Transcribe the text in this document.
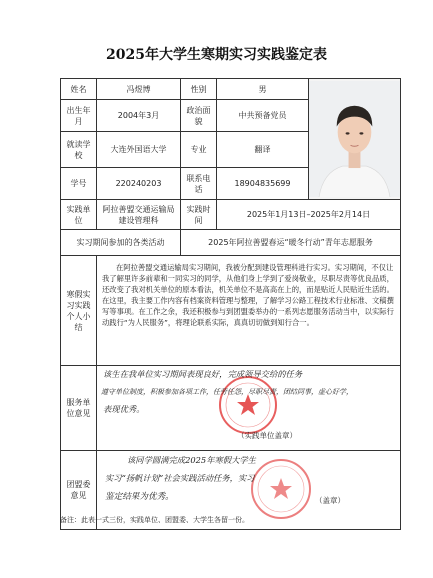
2025年大学生寒期实习实践鉴定表
姓名	冯煜博	性别	男	

出生年月	2004年3月	政治面貌	中共预备党员	
就读学校	大连外国语大学	专业	翻译	
学号	220240203	联系电话	18904835699	
实践单位	阿拉善盟交通运输局建设管理科	实践时间	2025年1月13日–2025年2月14日	
实习期间参加的各类活动		2025年阿拉善盟春运“暖冬行动”青年志愿服务		
寒假实习实践个人小结	在阿拉善盟交通运输局实习期间，我被分配到建设管理科进行实习。实习期间，不仅让我了解里许多前辈和一同实习的同学，从他们身上学到了爱岗敬业，尽职尽责等优良品质，还改变了我对机关单位的原本看法，机关单位不是高高在上的，而是贴近人民贴近生活的。在这里，我主要工作内容有档案资料管理与整理，了解学习公路工程技术行业标准、文稿撰写等事项。在工作之余，我还积极参与到团盟委举办的一系列志愿服务活动当中，以实际行动践行“为人民服务”，将理论联系实际，真真切切做到知行合一。			
服务单位意见	该生在我单位实习期间表现良好，完成领导交给的任务
遵守单位制度，积极参加各项工作，任劳任怨，尽职尽责，团结同事，虚心好学，
表现优秀。
（实践单位盖章）			

团盟委意见	该同学圆满完成2025年寒假大学生
实习“扬帆计划”社会实践活动任务，实习
鉴定结果为优秀。 （盖章）			
备注：此表一式三份，实践单位、团盟委、大学生各留一份。
